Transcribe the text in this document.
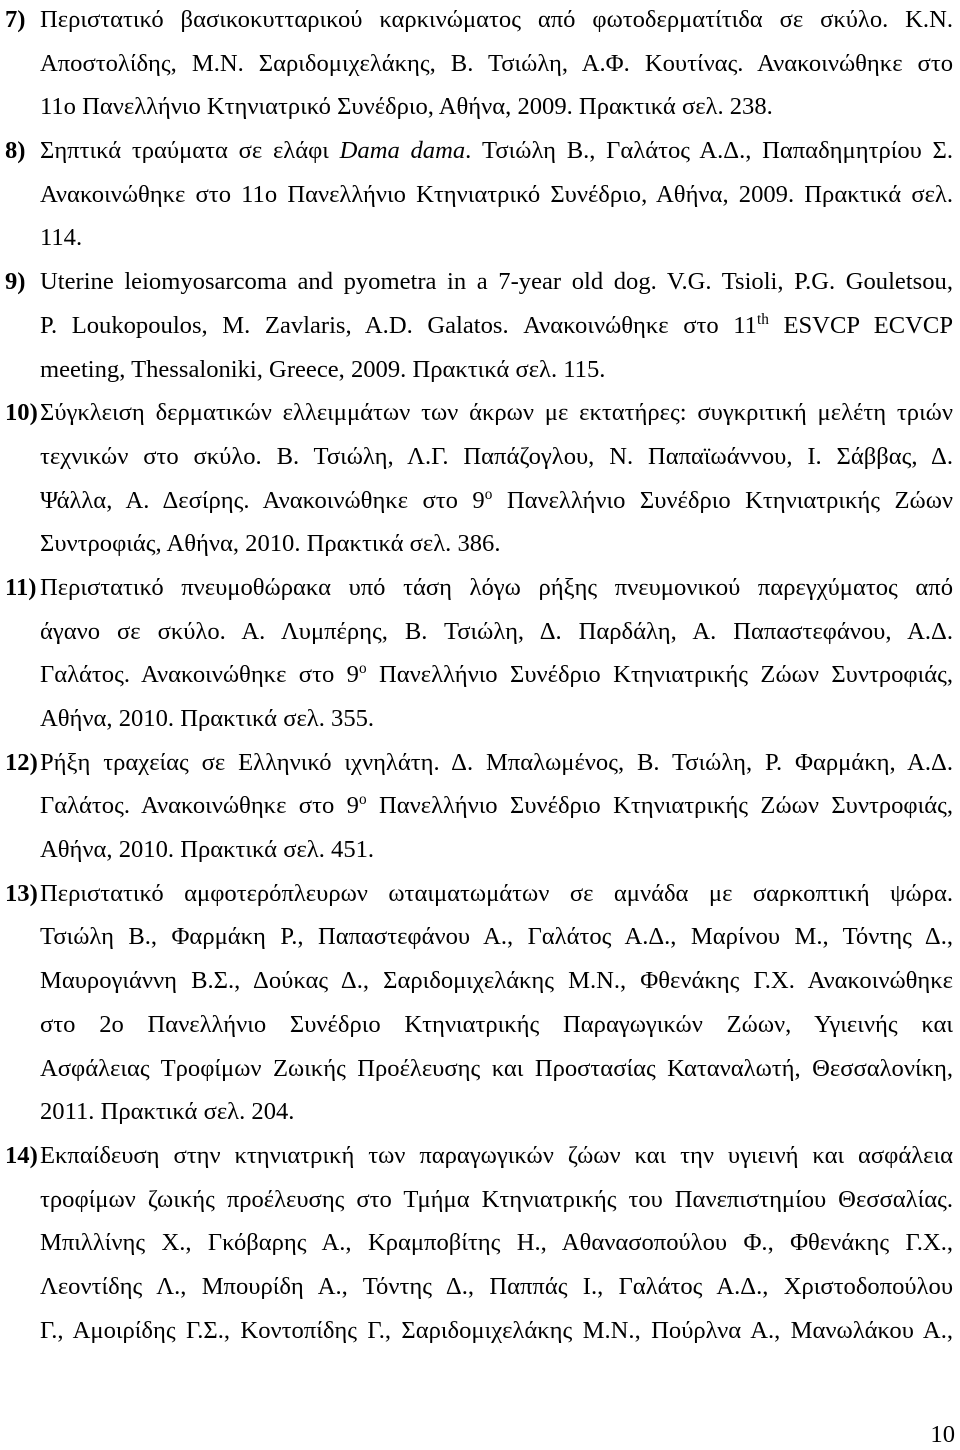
7) Περιστατικό βασικοκυτταρικού καρκινώματος από φωτοδερματίτιδα σε σκύλο. Κ.Ν.
Αποστολίδης, Μ.Ν. Σαριδομιχελάκης, Β. Τσιώλη, Α.Φ. Κουτίνας. Ανακοινώθηκε στο
11ο Πανελλήνιο Κτηνιατρικό Συνέδριο, Αθήνα, 2009. Πρακτικά σελ. 238.
8) Σηπτικά τραύματα σε ελάφι Dama dama. Τσιώλη Β., Γαλάτος Α.Δ., Παπαδημητρίου Σ.
Ανακοινώθηκε στο 11ο Πανελλήνιο Κτηνιατρικό Συνέδριο, Αθήνα, 2009. Πρακτικά σελ.
114.
9) Uterine leiomyosarcoma and pyometra in a 7-year old dog. V.G. Tsioli, P.G. Gouletsou,
P. Loukopoulos, M. Zavlaris, A.D. Galatos. Ανακοινώθηκε στο 11th ESVCP ECVCP
meeting, Thessaloniki, Greece, 2009. Πρακτικά σελ. 115.
10) Σύγκλειση δερματικών ελλειμμάτων των άκρων με εκτατήρες: συγκριτική μελέτη τριών
τεχνικών στο σκύλο. Β. Τσιώλη, Λ.Γ. Παπάζογλου, Ν. Παπαϊωάννου, Ι. Σάββας, Δ.
Ψάλλα, Α. Δεσίρης. Ανακοινώθηκε στο $9^o$ Πανελλήνιο Συνέδριο Κτηνιατρικής Ζώων
Συντροφιάς, Αθήνα, 2010. Πρακτικά σελ. 386.
11) Περιστατικό πνευμοθώρακα υπό τάση λόγω ρήξης πνευμονικού παρεγχύματος από
άγανο σε σκύλο. Α. Λυμπέρης, Β. Τσιώλη, Δ. Παρδάλη, Α. Παπαστεφάνου, Α.Δ.
Γαλάτος. Ανακοινώθηκε στο $9^o$ Πανελλήνιο Συνέδριο Κτηνιατρικής Ζώων Συντροφιάς,
Αθήνα, 2010. Πρακτικά σελ. 355.
12) Ρήξη τραχείας σε Ελληνικό ιχνηλάτη. Δ. Μπαλωμένος, Β. Τσιώλη, Ρ. Φαρμάκη, Α.Δ.
Γαλάτος. Ανακοινώθηκε στο $9^o$ Πανελλήνιο Συνέδριο Κτηνιατρικής Ζώων Συντροφιάς,
Αθήνα, 2010. Πρακτικά σελ. 451.
13) Περιστατικό αμφοτερόπλευρων ωταιματωμάτων σε αμνάδα με σαρκοπτική ψώρα.
Τσιώλη Β., Φαρμάκη Ρ., Παπαστεφάνου Α., Γαλάτος Α.Δ., Μαρίνου Μ., Τόντης Δ.,
Μαυρογιάννη Β.Σ., Δούκας Δ., Σαριδομιχελάκης Μ.Ν., Φθενάκης Γ.Χ. Ανακοινώθηκε
στο 2ο Πανελλήνιο Συνέδριο Κτηνιατρικής Παραγωγικών Ζώων, Υγιεινής και
Ασφάλειας Τροφίμων Ζωικής Προέλευσης και Προστασίας Καταναλωτή, Θεσσαλονίκη,
2011. Πρακτικά σελ. 204.
14) Εκπαίδευση στην κτηνιατρική των παραγωγικών ζώων και την υγιεινή και ασφάλεια
τροφίμων ζωικής προέλευσης στο Τμήμα Κτηνιατρικής του Πανεπιστημίου Θεσσαλίας.
Μπιλλίνης Χ., Γκόβαρης Α., Κραμποβίτης Η., Αθανασοπούλου Φ., Φθενάκης Γ.Χ.,
Λεοντίδης Λ., Μπουρίδη Α., Τόντης Δ., Παππάς Ι., Γαλάτος Α.Δ., Χριστοδοπούλου
Γ., Αμοιρίδης Γ.Σ., Κοντοπίδης Γ., Σαριδομιχελάκης Μ.Ν., Πούρλνα Α., Μανωλάκου Α.,
10
